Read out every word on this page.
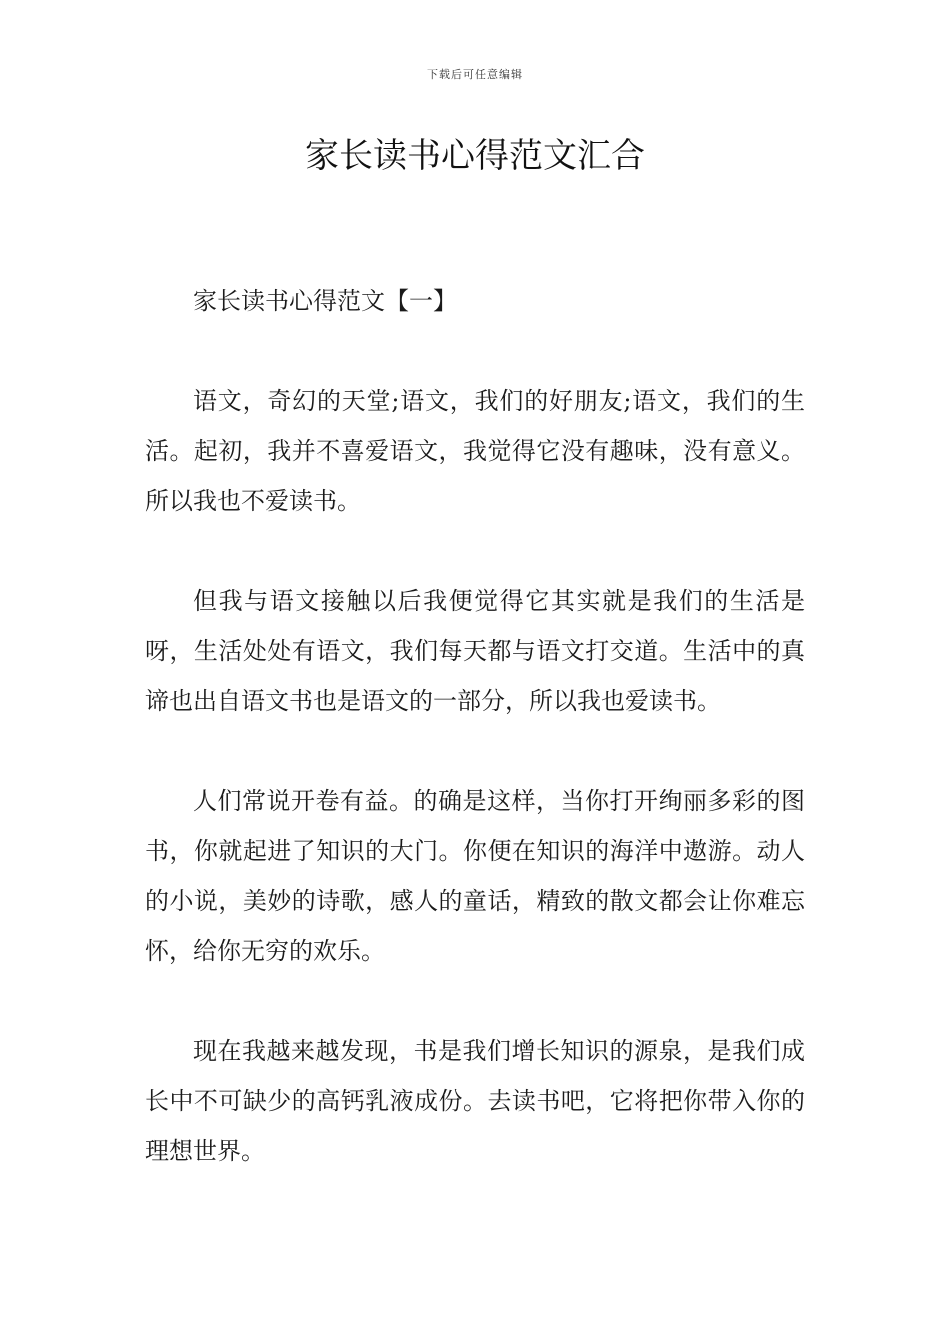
下载后可任意编辑
家长读书心得范文汇合

家长读书心得范文【一】

语文，奇幻的天堂;语文，我们的好朋友;语文，我们的生活。起初，我并不喜爱语文，我觉得它没有趣味，没有意义。所以我也不爱读书。

但我与语文接触以后我便觉得它其实就是我们的生活是呀，生活处处有语文，我们每天都与语文打交道。生活中的真谛也出自语文书也是语文的一部分，所以我也爱读书。

人们常说开卷有益。的确是这样，当你打开绚丽多彩的图书，你就起进了知识的大门。你便在知识的海洋中遨游。动人的小说，美妙的诗歌，感人的童话，精致的散文都会让你难忘怀，给你无穷的欢乐。

现在我越来越发现，书是我们增长知识的源泉，是我们成长中不可缺少的高钙乳液成份。去读书吧，它将把你带入你的理想世界。
